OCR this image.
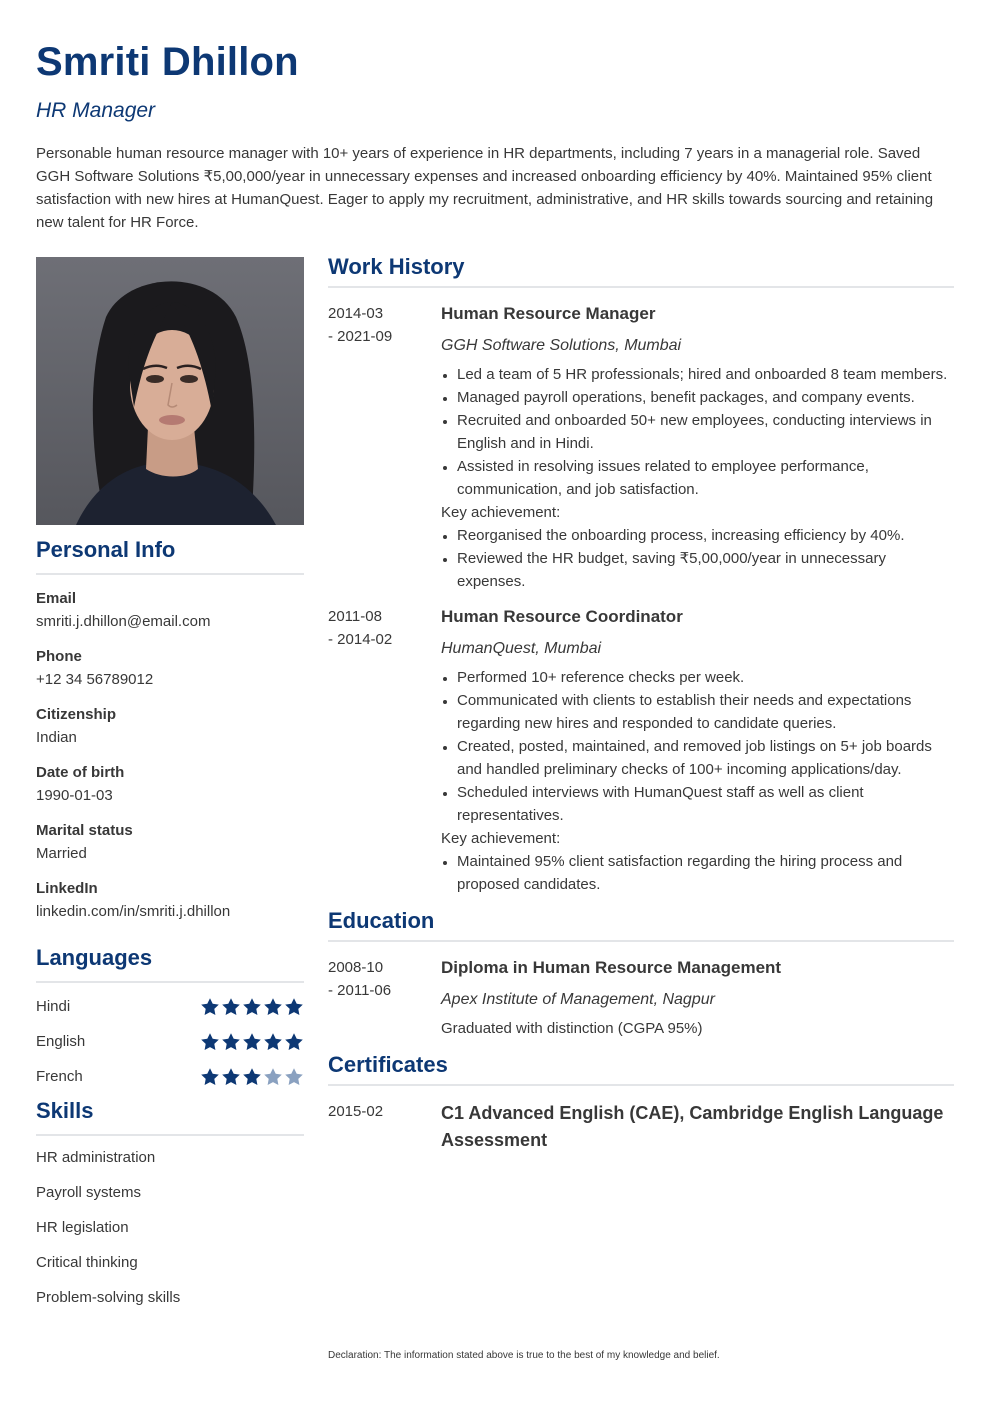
Smriti Dhillon

HR Manager

Personable human resource manager with 10+ years of experience in HR departments, including 7 years in a managerial role. Saved GGH Software Solutions ₹5,00,000/year in unnecessary expenses and increased onboarding efficiency by 40%. Maintained 95% client satisfaction with new hires at HumanQuest. Eager to apply my recruitment, administrative, and HR skills towards sourcing and retaining new talent for HR Force.

Personal Info
Email
smriti.j.dhillon@email.com
Phone
+12 34 56789012
Citizenship
Indian
Date of birth
1990-01-03
Marital status
Married
LinkedIn
linkedin.com/in/smriti.j.dhillon
Languages
Hindi
English
French
Skills
HR administration
Payroll systems
HR legislation
Critical thinking
Problem-solving skills
Work History
2014-03
- 2021-09
Human Resource Manager
GGH Software Solutions, Mumbai
• Led a team of 5 HR professionals; hired and onboarded 8 team members.
• Managed payroll operations, benefit packages, and company events.
• Recruited and onboarded 50+ new employees, conducting interviews in English and in Hindi.
• Assisted in resolving issues related to employee performance, communication, and job satisfaction.
Key achievement:
• Reorganised the onboarding process, increasing efficiency by 40%.
• Reviewed the HR budget, saving ₹5,00,000/year in unnecessary expenses.
2011-08
- 2014-02
Human Resource Coordinator
HumanQuest, Mumbai
• Performed 10+ reference checks per week.
• Communicated with clients to establish their needs and expectations regarding new hires and responded to candidate queries.
• Created, posted, maintained, and removed job listings on 5+ job boards and handled preliminary checks of 100+ incoming applications/day.
• Scheduled interviews with HumanQuest staff as well as client representatives.
Key achievement:
• Maintained 95% client satisfaction regarding the hiring process and proposed candidates.
Education
2008-10
- 2011-06
Diploma in Human Resource Management
Apex Institute of Management, Nagpur
Graduated with distinction (CGPA 95%)
Certificates
2015-02	C1 Advanced English (CAE), Cambridge English Language Assessment

Declaration: The information stated above is true to the best of my knowledge and belief.
